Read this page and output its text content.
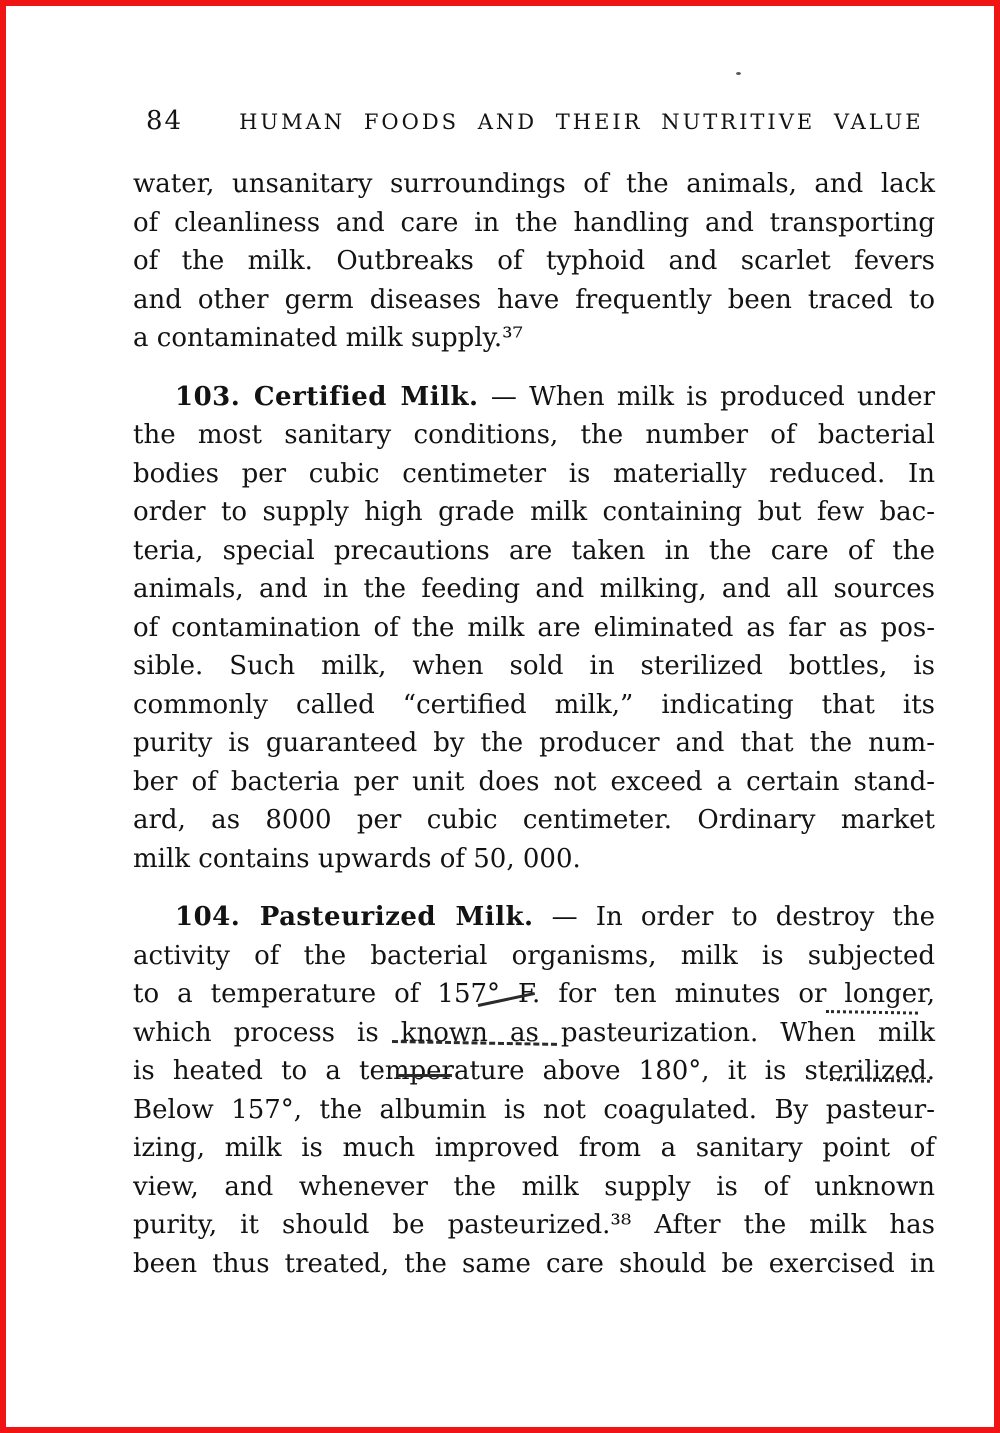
84	HUMAN FOODS AND THEIR NUTRITIVE VALUE
water, unsanitary surroundings of the animals, and lack
of cleanliness and care in the handling and transporting
of the milk. Outbreaks of typhoid and scarlet fevers
and other germ diseases have frequently been traced to
a contaminated milk supply.³⁷
103. Certified Milk. — When milk is produced under
the most sanitary conditions, the number of bacterial
bodies per cubic centimeter is materially reduced. In
order to supply high grade milk containing but few bac-
teria, special precautions are taken in the care of the
animals, and in the feeding and milking, and all sources
of contamination of the milk are eliminated as far as pos-
sible. Such milk, when sold in sterilized bottles, is
commonly called “certified milk,” indicating that its
purity is guaranteed by the producer and that the num-
ber of bacteria per unit does not exceed a certain stand-
ard, as 8000 per cubic centimeter. Ordinary market
milk contains upwards of 50, 000.
104. Pasteurized Milk. — In order to destroy the
activity of the bacterial organisms, milk is subjected
to a temperature of 157° F. for ten minutes or longer,
which process is known as pasteurization. When milk
is heated to a temperature above 180°, it is sterilized.
Below 157°, the albumin is not coagulated. By pasteur-
izing, milk is much improved from a sanitary point of
view, and whenever the milk supply is of unknown
purity, it should be pasteurized.³⁸ After the milk has
been thus treated, the same care should be exercised in
